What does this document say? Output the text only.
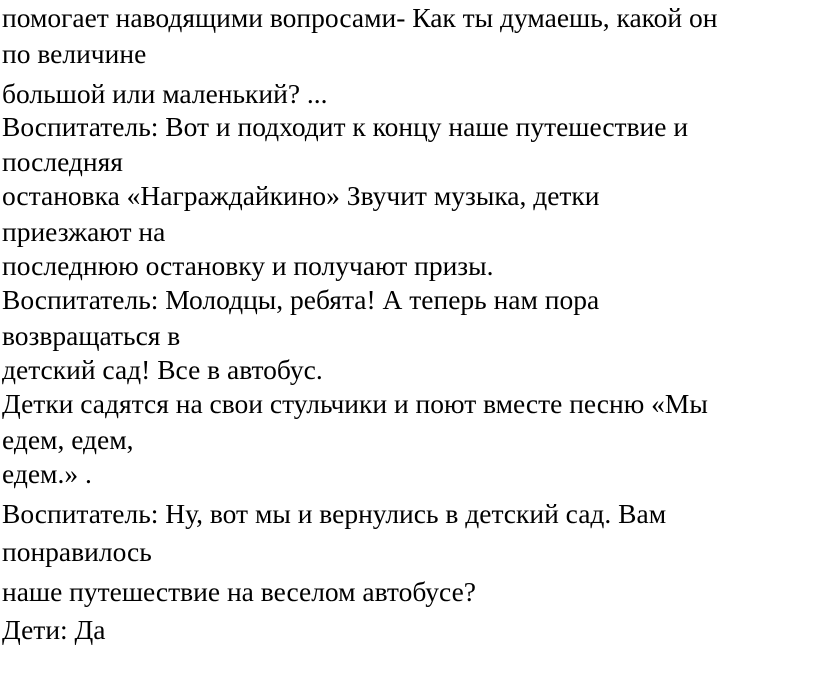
помогает наводящими вопросами- Как ты думаешь, какой он

по величине

большой или маленький? ...

Воспитатель: Вот и подходит к концу наше путешествие и

последняя

остановка «Награждайкино» Звучит музыка, детки

приезжают на

последнюю остановку и получают призы.

Воспитатель: Молодцы, ребята! А теперь нам пора

возвращаться в

детский сад! Все в автобус.

Детки садятся на свои стульчики и поют вместе песню «Мы

едем, едем,

едем.» .

Воспитатель: Ну, вот мы и вернулись в детский сад. Вам

понравилось

наше путешествие на веселом автобусе?

Дети: Да
